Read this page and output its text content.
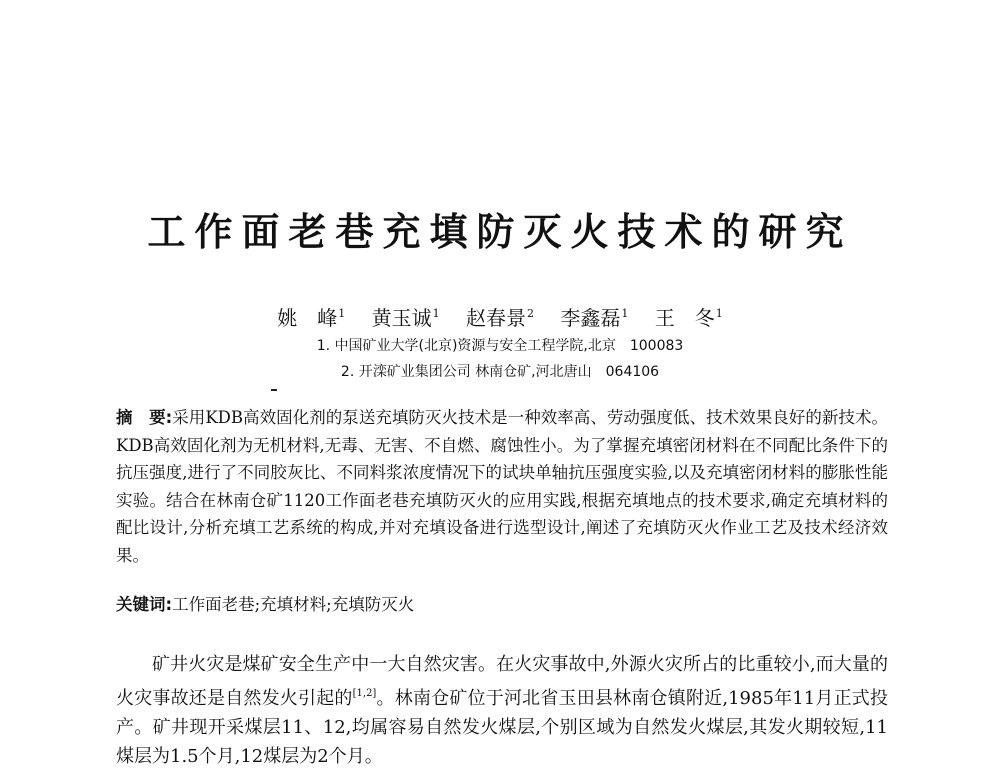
工作面老巷充填防灭火技术的研究
姚　峰$^1$ 黄玉诚$^1$ 赵春景$^2$ 李鑫磊$^1$ 王　冬$^1$
1. 中国矿业大学(北京)资源与安全工程学院,北京　100083
2. 开滦矿业集团公司 林南仓矿,河北唐山　064106
摘　要:采用KDB高效固化剂的泵送充填防灭火技术是一种效率高、劳动强度低、技术效果良好的新技术。KDB高效固化剂为无机材料,无毒、无害、不自燃、腐蚀性小。为了掌握充填密闭材料在不同配比条件下的抗压强度,进行了不同胶灰比、不同料浆浓度情况下的试块单轴抗压强度实验,以及充填密闭材料的膨胀性能实验。结合在林南仓矿1120工作面老巷充填防灭火的应用实践,根据充填地点的技术要求,确定充填材料的配比设计,分析充填工艺系统的构成,并对充填设备进行选型设计,阐述了充填防灭火作业工艺及技术经济效果。
关键词:工作面老巷;充填材料;充填防灭火
矿井火灾是煤矿安全生产中一大自然灾害。在火灾事故中,外源火灾所占的比重较小,而大量的火灾事故还是自然发火引起的[1,2]。林南仓矿位于河北省玉田县林南仓镇附近,1985年11月正式投产。矿井现开采煤层11、12,均属容易自然发火煤层,个别区域为自然发火煤层,其发火期较短,11煤层为1.5个月,12煤层为2个月。
